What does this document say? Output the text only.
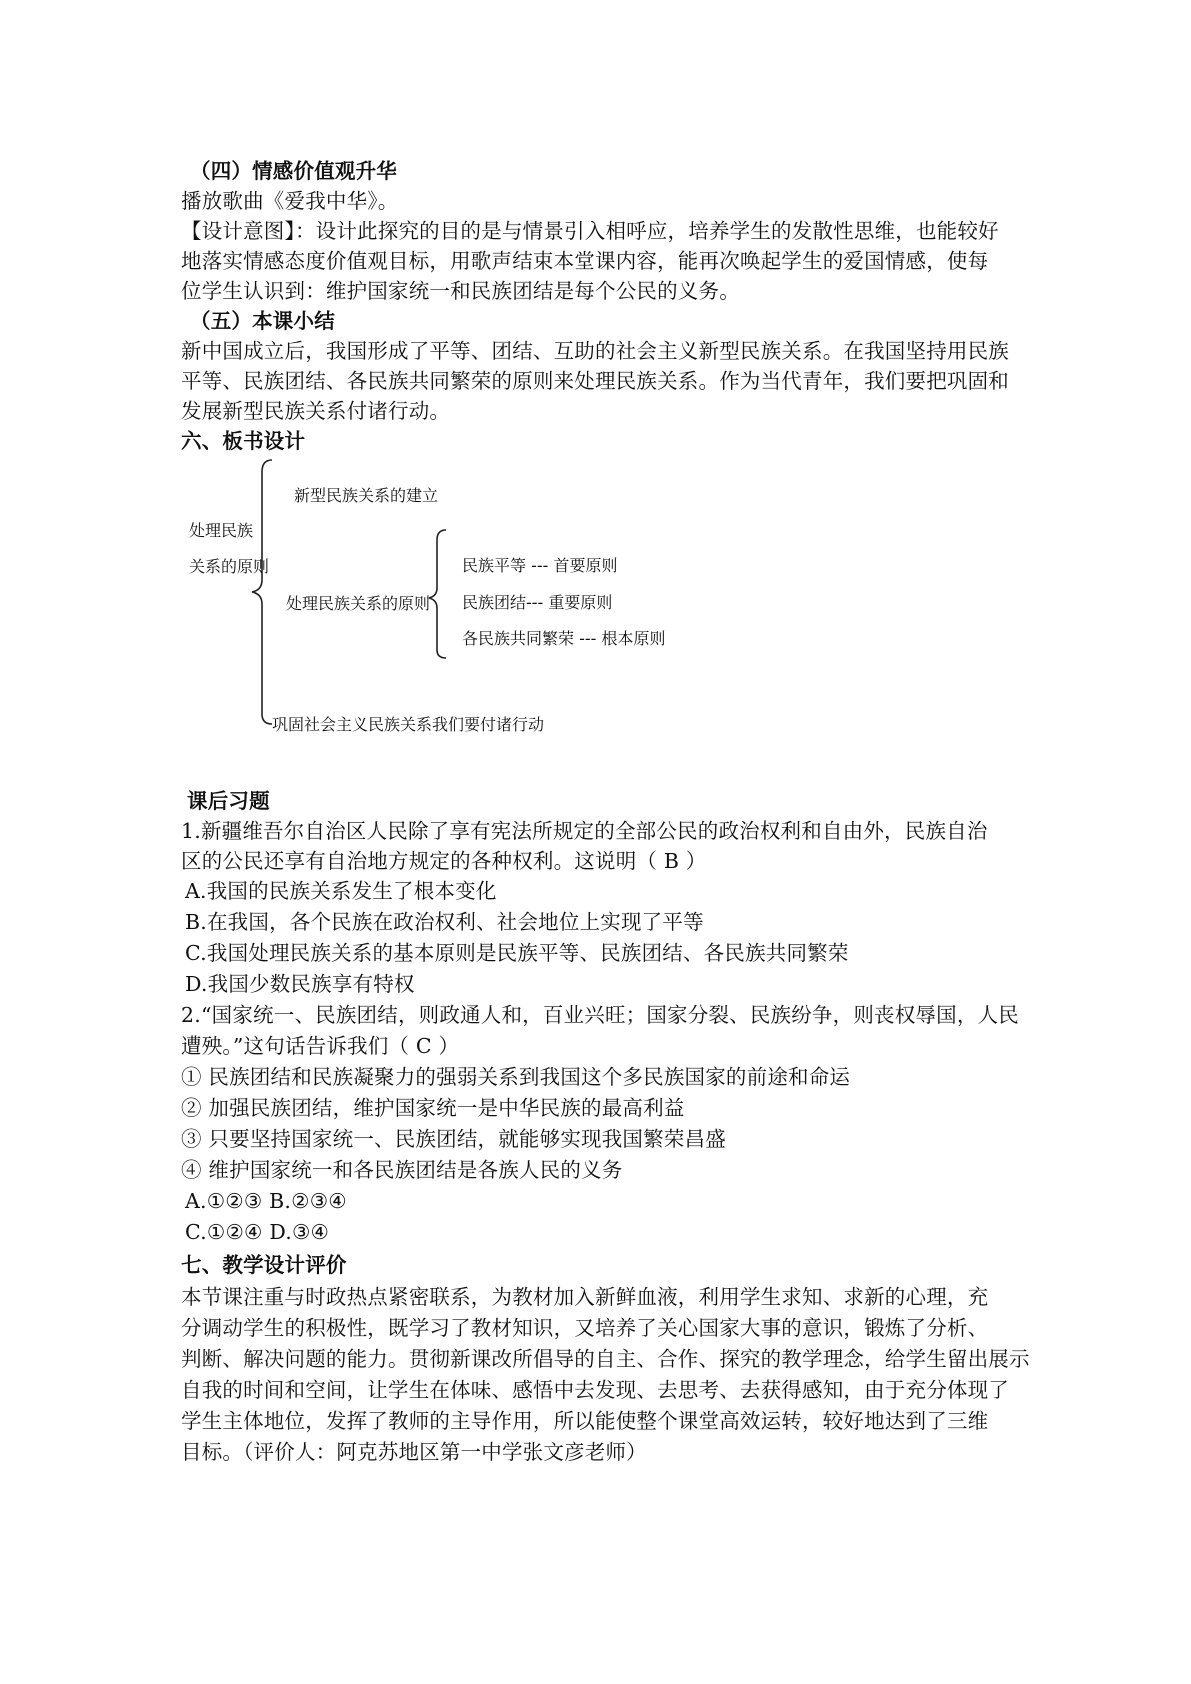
（四）情感价值观升华
播放歌曲《爱我中华》。
【设计意图】：设计此探究的目的是与情景引入相呼应，培养学生的发散性思维，也能较好
地落实情感态度价值观目标，用歌声结束本堂课内容，能再次唤起学生的爱国情感，使每
位学生认识到：维护国家统一和民族团结是每个公民的义务。
（五）本课小结
新中国成立后，我国形成了平等、团结、互助的社会主义新型民族关系。在我国坚持用民族
平等、民族团结、各民族共同繁荣的原则来处理民族关系。作为当代青年，我们要把巩固和
发展新型民族关系付诸行动。
六、板书设计
处理民族
关系的原则
新型民族关系的建立
处理民族关系的原则
民族平等 --- 首要原则
民族团结--- 重要原则
各民族共同繁荣 --- 根本原则
巩固社会主义民族关系我们要付诸行动
课后习题
1.新疆维吾尔自治区人民除了享有宪法所规定的全部公民的政治权利和自由外，民族自治
区的公民还享有自治地方规定的各种权利。这说明（ B ）
A.我国的民族关系发生了根本变化
B.在我国，各个民族在政治权利、社会地位上实现了平等
C.我国处理民族关系的基本原则是民族平等、民族团结、各民族共同繁荣
D.我国少数民族享有特权
2.“国家统一、民族团结，则政通人和，百业兴旺；国家分裂、民族纷争，则丧权辱国，人民
遭殃。”这句话告诉我们（ C ）
① 民族团结和民族凝聚力的强弱关系到我国这个多民族国家的前途和命运
② 加强民族团结，维护国家统一是中华民族的最高利益
③ 只要坚持国家统一、民族团结，就能够实现我国繁荣昌盛
④ 维护国家统一和各民族团结是各族人民的义务
A.①②③ B.②③④
C.①②④ D.③④
七、教学设计评价
本节课注重与时政热点紧密联系，为教材加入新鲜血液，利用学生求知、求新的心理，充
分调动学生的积极性，既学习了教材知识，又培养了关心国家大事的意识，锻炼了分析、
判断、解决问题的能力。贯彻新课改所倡导的自主、合作、探究的教学理念，给学生留出展示
自我的时间和空间，让学生在体味、感悟中去发现、去思考、去获得感知，由于充分体现了
学生主体地位，发挥了教师的主导作用，所以能使整个课堂高效运转，较好地达到了三维
目标。（评价人：阿克苏地区第一中学张文彦老师）
